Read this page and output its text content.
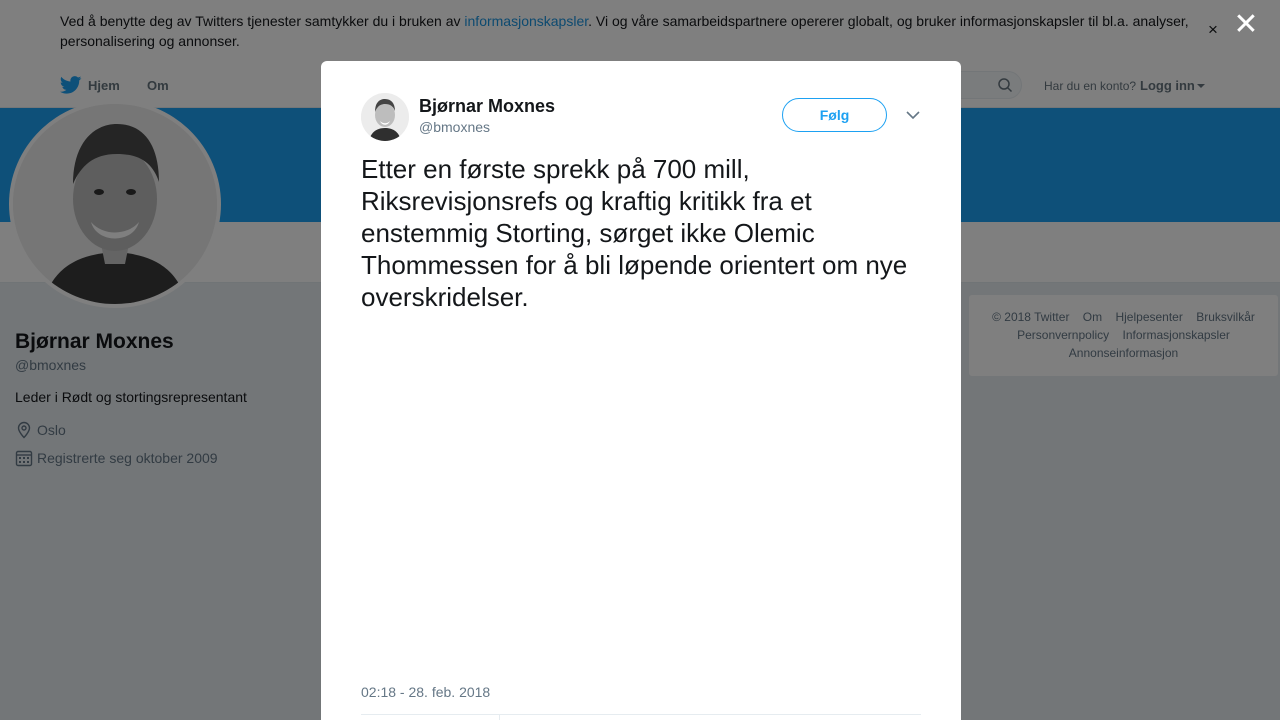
✕
Bjørnar Moxnes
@bmoxnes
Følg
Etter en første sprekk på 700 mill, Riksrevisjonsrefs og kraftig kritikk fra et enstemmig Storting, sørget ikke Olemic Thommessen for å bli løpende orientert om nye overskridelser.
02:18 - 28. feb. 2018
